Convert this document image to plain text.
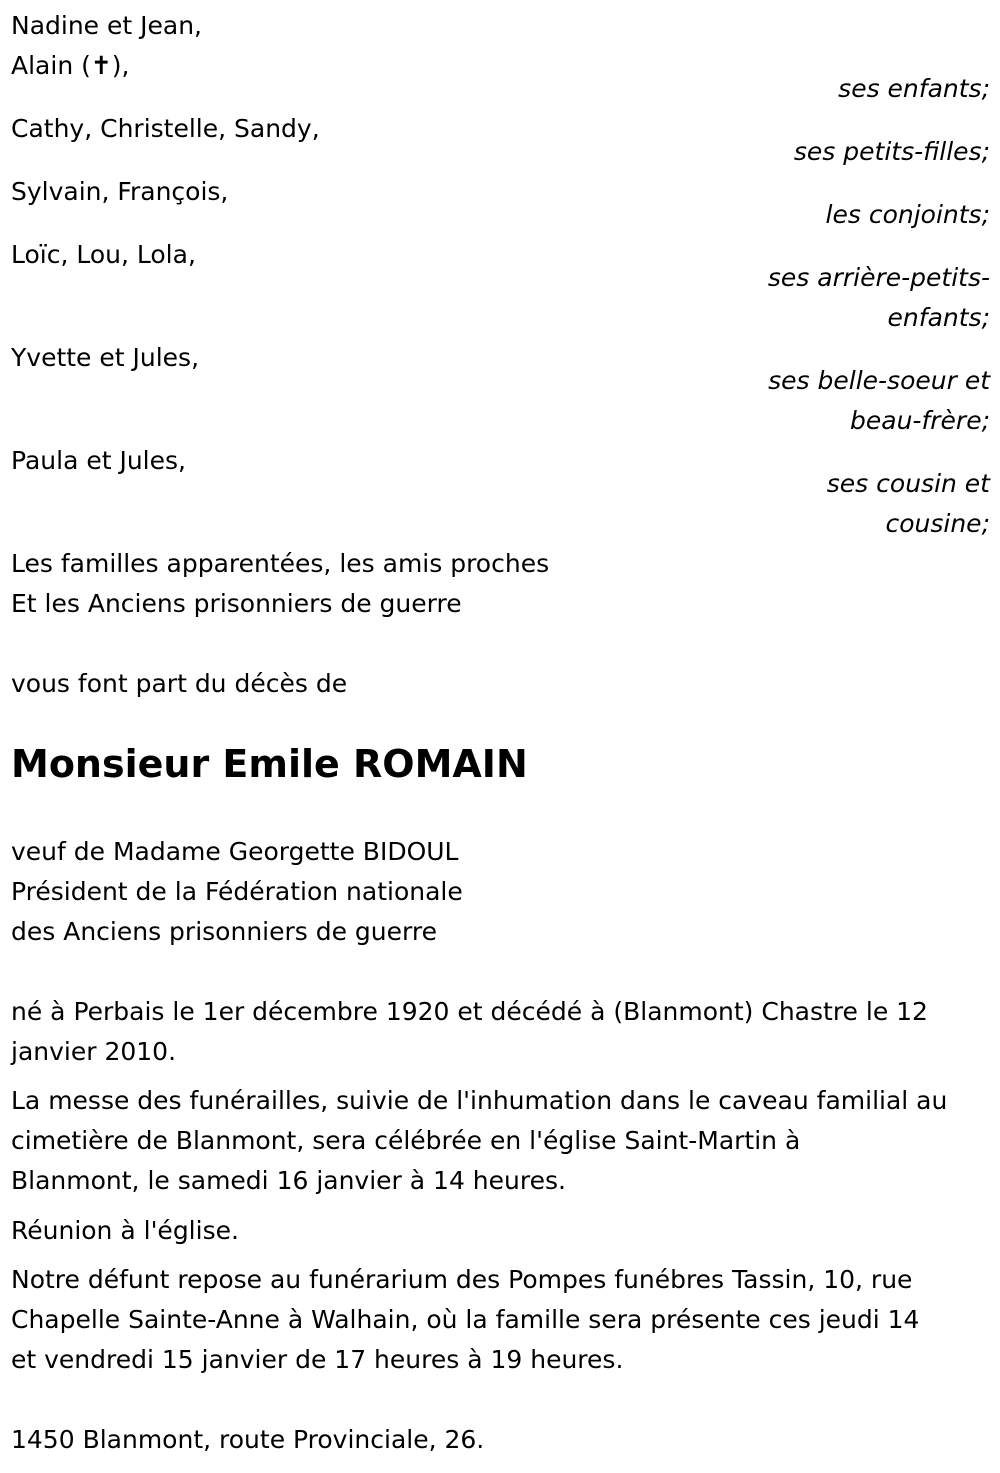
Nadine et Jean,
Alain (✝),
Cathy, Christelle, Sandy,
Sylvain, François,
Loïc, Lou, Lola,
Yvette et Jules,
Paula et Jules,
ses enfants;
ses petits-filles;
les conjoints;
ses arrière-petits-
enfants;
ses belle-soeur et
beau-frère;
ses cousin et
cousine;
Les familles apparentées, les amis proches
Et les Anciens prisonniers de guerre
vous font part du décès de
Monsieur Emile ROMAIN
veuf de Madame Georgette BIDOUL
Président de la Fédération nationale
des Anciens prisonniers de guerre
né à Perbais le 1er décembre 1920 et décédé à (Blanmont) Chastre le 12
janvier 2010.
La messe des funérailles, suivie de l'inhumation dans le caveau familial au
cimetière de Blanmont, sera célébrée en l'église Saint-Martin à
Blanmont, le samedi 16 janvier à 14 heures.
Réunion à l'église.
Notre défunt repose au funérarium des Pompes funébres Tassin, 10, rue
Chapelle Sainte-Anne à Walhain, où la famille sera présente ces jeudi 14
et vendredi 15 janvier de 17 heures à 19 heures.
1450 Blanmont, route Provinciale, 26.
